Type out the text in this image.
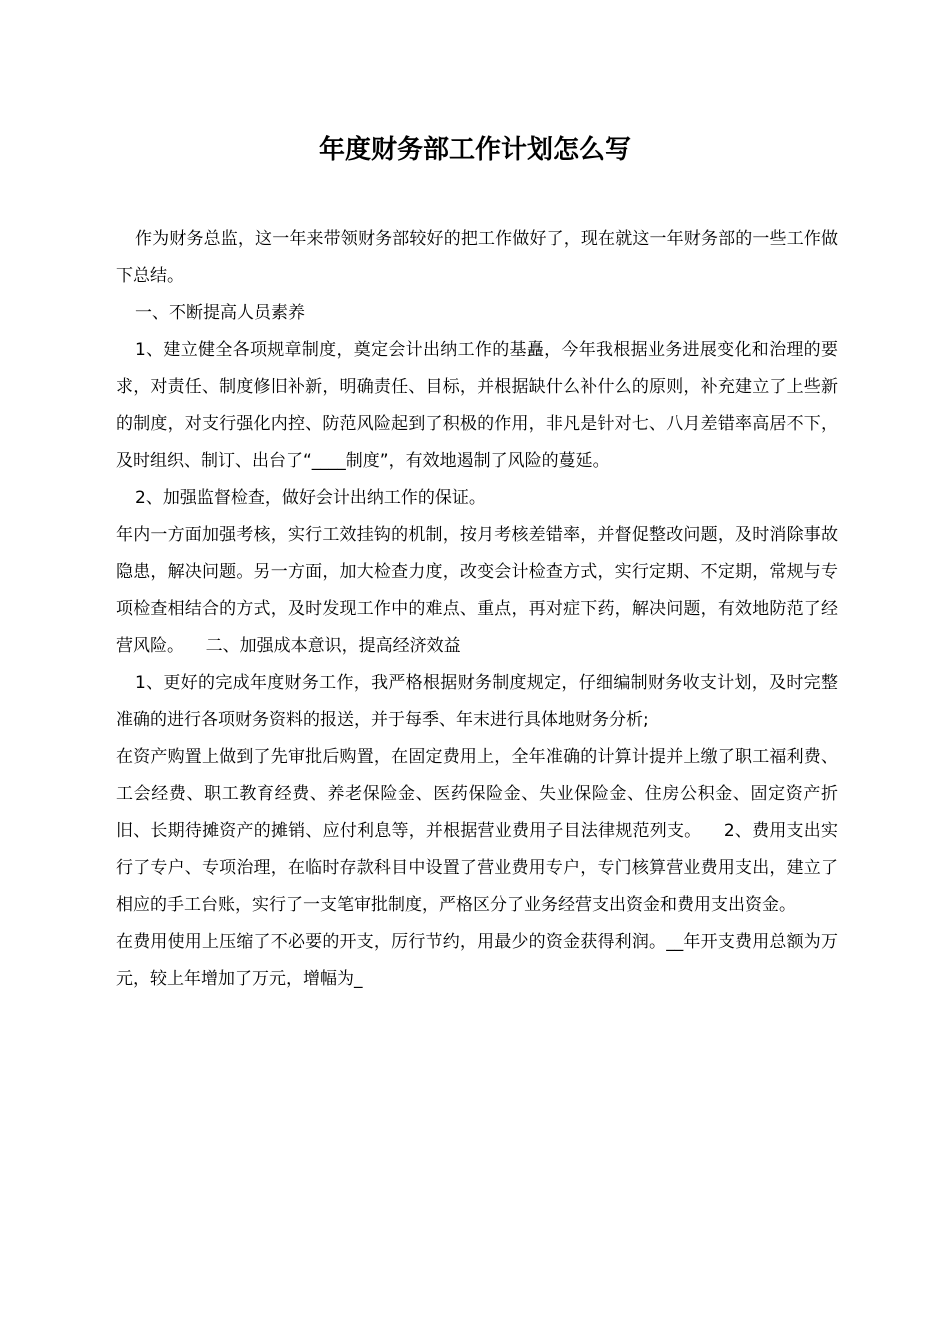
年度财务部工作计划怎么写

作为财务总监，这一年来带领财务部较好的把工作做好了，现在就这一年财务部的一些工作做下总结。

一、不断提高人员素养

1、建立健全各项规章制度，奠定会计出纳工作的基矗，今年我根据业务进展变化和治理的要求，对责任、制度修旧补新，明确责任、目标，并根据缺什么补什么的原则，补充建立了上些新的制度，对支行强化内控、防范风险起到了积极的作用，非凡是针对七、八月差错率高居不下，及时组织、制订、出台了“____制度”，有效地遏制了风险的蔓延。

2、加强监督检查，做好会计出纳工作的保证。

年内一方面加强考核，实行工效挂钩的机制，按月考核差错率，并督促整改问题，及时消除事故隐患，解决问题。另一方面，加大检查力度，改变会计检查方式，实行定期、不定期，常规与专项检查相结合的方式，及时发现工作中的难点、重点，再对症下药，解决问题，有效地防范了经营风险。 二、加强成本意识，提高经济效益

1、更好的完成年度财务工作，我严格根据财务制度规定，仔细编制财务收支计划，及时完整准确的进行各项财务资料的报送，并于每季、年末进行具体地财务分析;

在资产购置上做到了先审批后购置，在固定费用上，全年准确的计算计提并上缴了职工福利费、工会经费、职工教育经费、养老保险金、医药保险金、失业保险金、住房公积金、固定资产折旧、长期待摊资产的摊销、应付利息等，并根据营业费用子目法律规范列支。 2、费用支出实行了专户、专项治理，在临时存款科目中设置了营业费用专户，专门核算营业费用支出，建立了相应的手工台账，实行了一支笔审批制度，严格区分了业务经营支出资金和费用支出资金。

在费用使用上压缩了不必要的开支，厉行节约，用最少的资金获得利润。__年开支费用总额为万元，较上年增加了万元，增幅为_
